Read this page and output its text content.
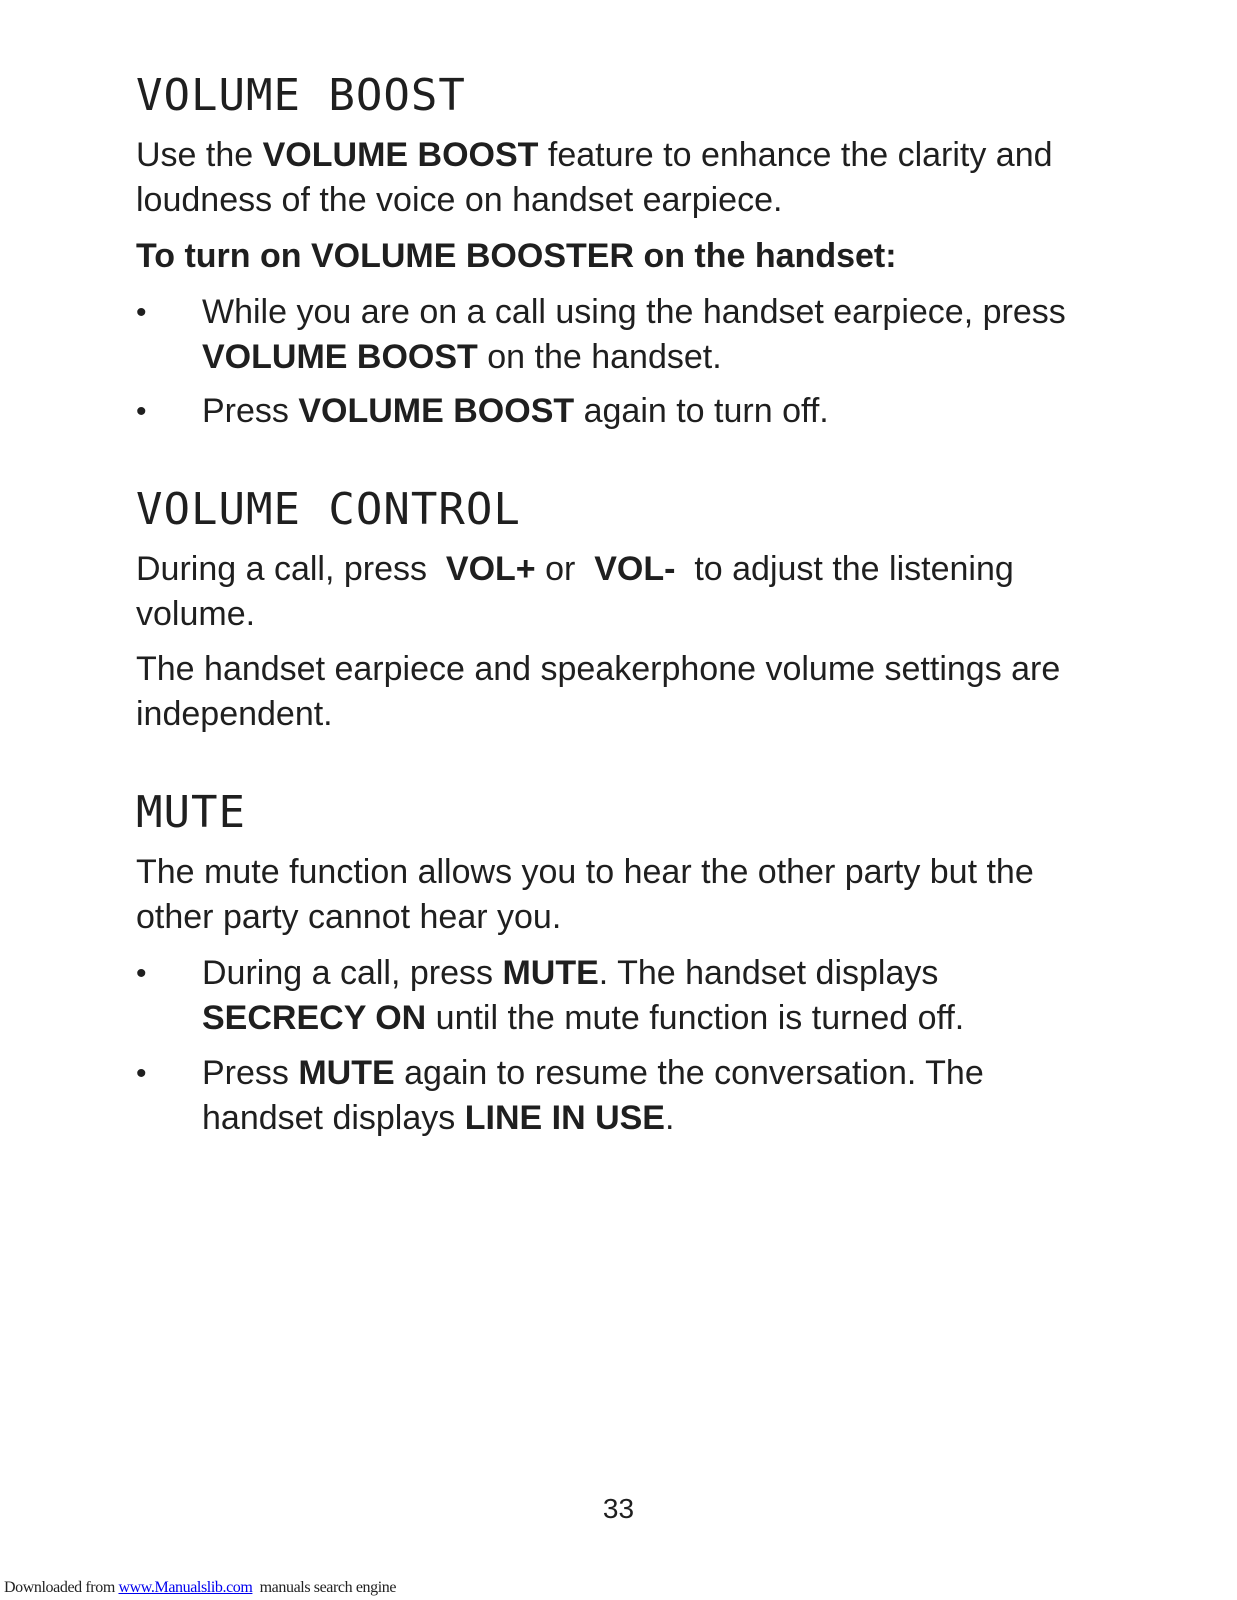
VOLUME BOOST

Use the VOLUME BOOST feature to enhance the clarity and loudness of the voice on handset earpiece.

To turn on VOLUME BOOSTER on the handset:

• While you are on a call using the handset earpiece, press VOLUME BOOST on the handset.

• Press VOLUME BOOST again to turn off.

VOLUME CONTROL

During a call, press  VOL+ or  VOL-  to adjust the listening volume.

The handset earpiece and speakerphone volume settings are independent.

MUTE

The mute function allows you to hear the other party but the other party cannot hear you.

• During a call, press MUTE. The handset displays SECRECY ON until the mute function is turned off.

• Press MUTE again to resume the conversation. The handset displays LINE IN USE.

33
Downloaded from www.Manualslib.com  manuals search engine
